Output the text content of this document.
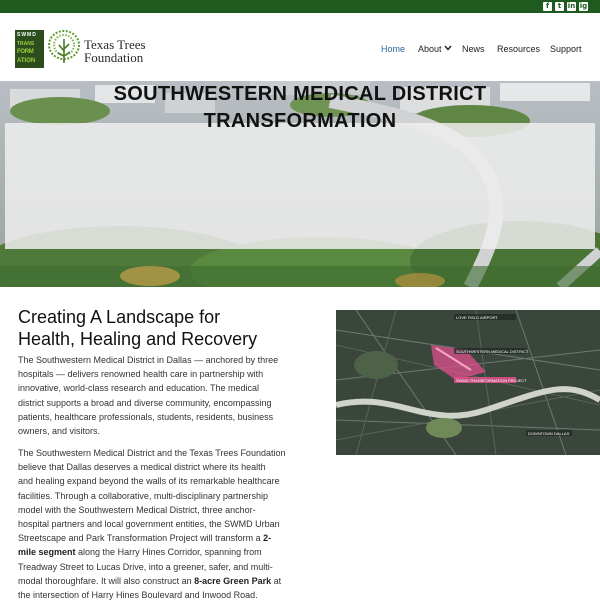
f	t in ig
SWMD
TRANS
FORM
ATION
Texas Trees
Foundation
Home About News Resources Support
SOUTHWESTERN MEDICAL DISTRICT
TRANSFORMATION
Creating A Landscape for
Health, Healing and Recovery
The Southwestern Medical District in Dallas — anchored by three
hospitals — delivers renowned health care in partnership with
innovative, world-class research and education. The medical
district supports a broad and diverse community, encompassing
patients, healthcare professionals, students, residents, business
owners, and visitors.
The Southwestern Medical District and the Texas Trees Foundation
believe that Dallas deserves a medical district where its health
and healing expand beyond the walls of its remarkable healthcare
facilities. Through a collaborative, multi-disciplinary partnership
model with the Southwestern Medical District, three anchor-
hospital partners and local government entities, the SWMD Urban
Streetscape and Park Transformation Project will transform a 2-
mile segment along the Harry Hines Corridor, spanning from
Treadway Street to Lucas Drive, into a greener, safer, and multi-
modal thoroughfare. It will also construct an 8-acre Green Park at
the intersection of Harry Hines Boulevard and Inwood Road.
LOVE FIELD AIRPORT
SOUTHWESTERN MEDICAL DISTRICT
SWMD TRANSFORMATION PROJECT
DOWNTOWN DALLAS
